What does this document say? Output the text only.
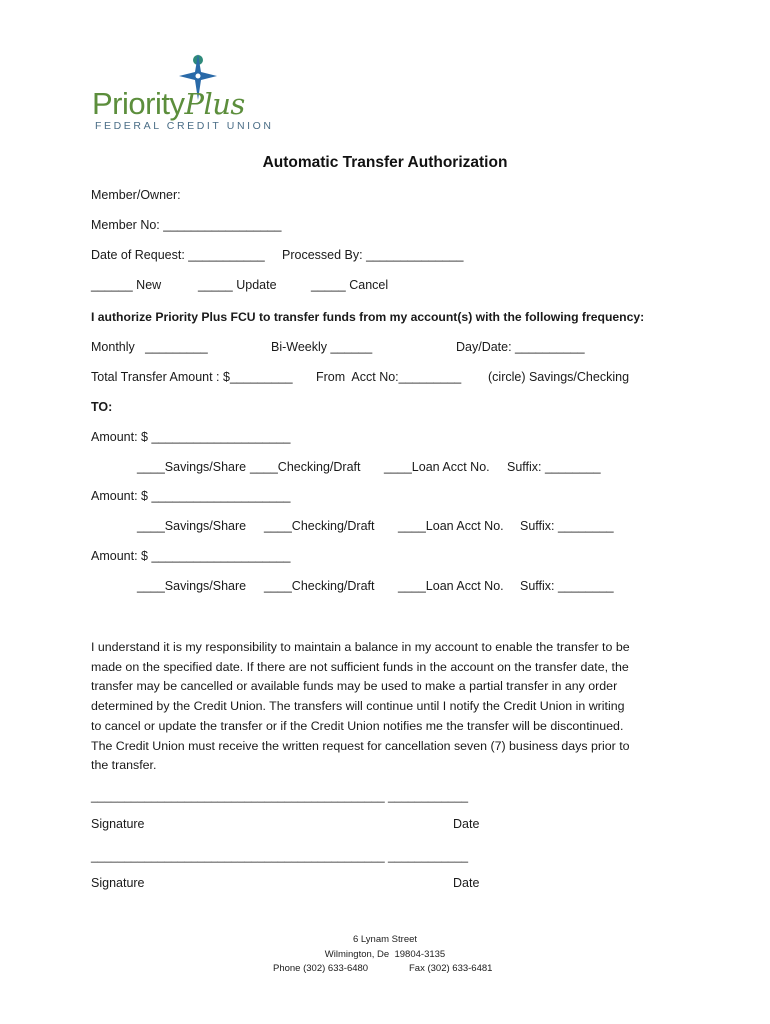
PriorityPlus
FEDERAL CREDIT UNION
Automatic Transfer Authorization
Member/Owner:
Member No: _________________
Date of Request: ___________ Processed By: ______________
______ New	_____ Update	_____ Cancel
I authorize Priority Plus FCU to transfer funds from my account(s) with the following frequency:
Monthly   _________	Bi-Weekly ______	Day/Date: __________
Total Transfer Amount : $_________ From  Acct No:_________ (circle) Savings/Checking
TO:
Amount: $ ____________________
____Savings/Share ____Checking/Draft ____Loan Acct No. Suffix: ________
Amount: $ ____________________
____Savings/Share ____Checking/Draft ____Loan Acct No. Suffix: ________
Amount: $ ____________________
____Savings/Share ____Checking/Draft ____Loan Acct No. Suffix: ________
I understand it is my responsibility to maintain a balance in my account to enable the transfer to be
made on the specified date. If there are not sufficient funds in the account on the transfer date, the
transfer may be cancelled or available funds may be used to make a partial transfer in any order
determined by the Credit Union. The transfers will continue until I notify the Credit Union in writing
to cancel or update the transfer or if the Credit Union notifies me the transfer will be discontinued.
The Credit Union must receive the written request for cancellation seven (7) business days prior to
the transfer.
____________________________________________ ____________
Signature	Date
____________________________________________ ____________
Signature	Date
6 Lynam Street
Wilmington, De  19804-3135
Phone (302) 633-6480	Fax (302) 633-6481
